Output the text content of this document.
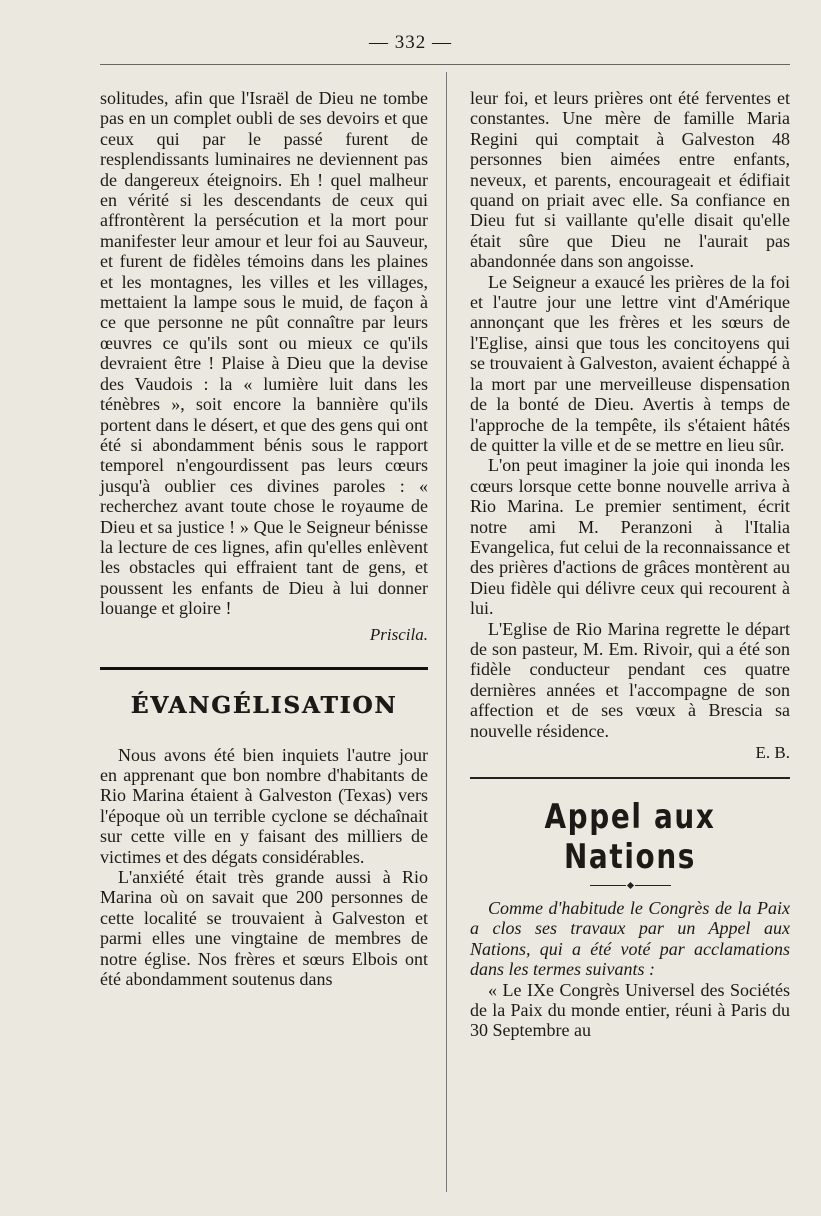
— 332 —

solitudes, afin que l'Israël de Dieu ne tombe pas en un complet oubli de ses devoirs et que ceux qui par le passé furent de resplendissants luminaires ne deviennent pas de dangereux éteignoirs. Eh ! quel malheur en vérité si les descendants de ceux qui affrontèrent la persécution et la mort pour manifester leur amour et leur foi au Sauveur, et furent de fidèles témoins dans les plaines et les montagnes, les villes et les villages, mettaient la lampe sous le muid, de façon à ce que personne ne pût connaître par leurs œuvres ce qu'ils sont ou mieux ce qu'ils devraient être ! Plaise à Dieu que la devise des Vaudois : la « lumière luit dans les ténèbres », soit encore la bannière qu'ils portent dans le désert, et que des gens qui ont été si abondamment bénis sous le rapport temporel n'engourdissent pas leurs cœurs jusqu'à oublier ces divines paroles : « recherchez avant toute chose le royaume de Dieu et sa justice ! » Que le Seigneur bénisse la lecture de ces lignes, afin qu'elles enlèvent les obstacles qui effraient tant de gens, et poussent les enfants de Dieu à lui donner louange et gloire !

Priscila.
ÉVANGÉLISATION

Nous avons été bien inquiets l'autre jour en apprenant que bon nombre d'habitants de Rio Marina étaient à Galveston (Texas) vers l'époque où un terrible cyclone se déchaînait sur cette ville en y faisant des milliers de victimes et des dégats considérables.

L'anxiété était très grande aussi à Rio Marina où on savait que 200 personnes de cette localité se trouvaient à Galveston et parmi elles une vingtaine de membres de notre église. Nos frères et sœurs Elbois ont été abondamment soutenus dans

leur foi, et leurs prières ont été ferventes et constantes. Une mère de famille Maria Regini qui comptait à Galveston 48 personnes bien aimées entre enfants, neveux, et parents, encourageait et édifiait quand on priait avec elle. Sa confiance en Dieu fut si vaillante qu'elle disait qu'elle était sûre que Dieu ne l'aurait pas abandonnée dans son angoisse.

Le Seigneur a exaucé les prières de la foi et l'autre jour une lettre vint d'Amérique annonçant que les frères et les sœurs de l'Eglise, ainsi que tous les concitoyens qui se trouvaient à Galveston, avaient échappé à la mort par une merveilleuse dispensation de la bonté de Dieu. Avertis à temps de l'approche de la tempête, ils s'étaient hâtés de quitter la ville et de se mettre en lieu sûr.

L'on peut imaginer la joie qui inonda les cœurs lorsque cette bonne nouvelle arriva à Rio Marina. Le premier sentiment, écrit notre ami M. Peranzoni à l'Italia Evangelica, fut celui de la reconnaissance et des prières d'actions de grâces montèrent au Dieu fidèle qui délivre ceux qui recourent à lui.

L'Eglise de Rio Marina regrette le départ de son pasteur, M. Em. Rivoir, qui a été son fidèle conducteur pendant ces quatre dernières années et l'accompagne de son affection et de ses vœux à Brescia sa nouvelle résidence.

E. B.
Appel aux Nations

Comme d'habitude le Congrès de la Paix a clos ses travaux par un Appel aux Nations, qui a été voté par acclamations dans les termes suivants :

« Le IXe Congrès Universel des Sociétés de la Paix du monde entier, réuni à Paris du 30 Septembre au
